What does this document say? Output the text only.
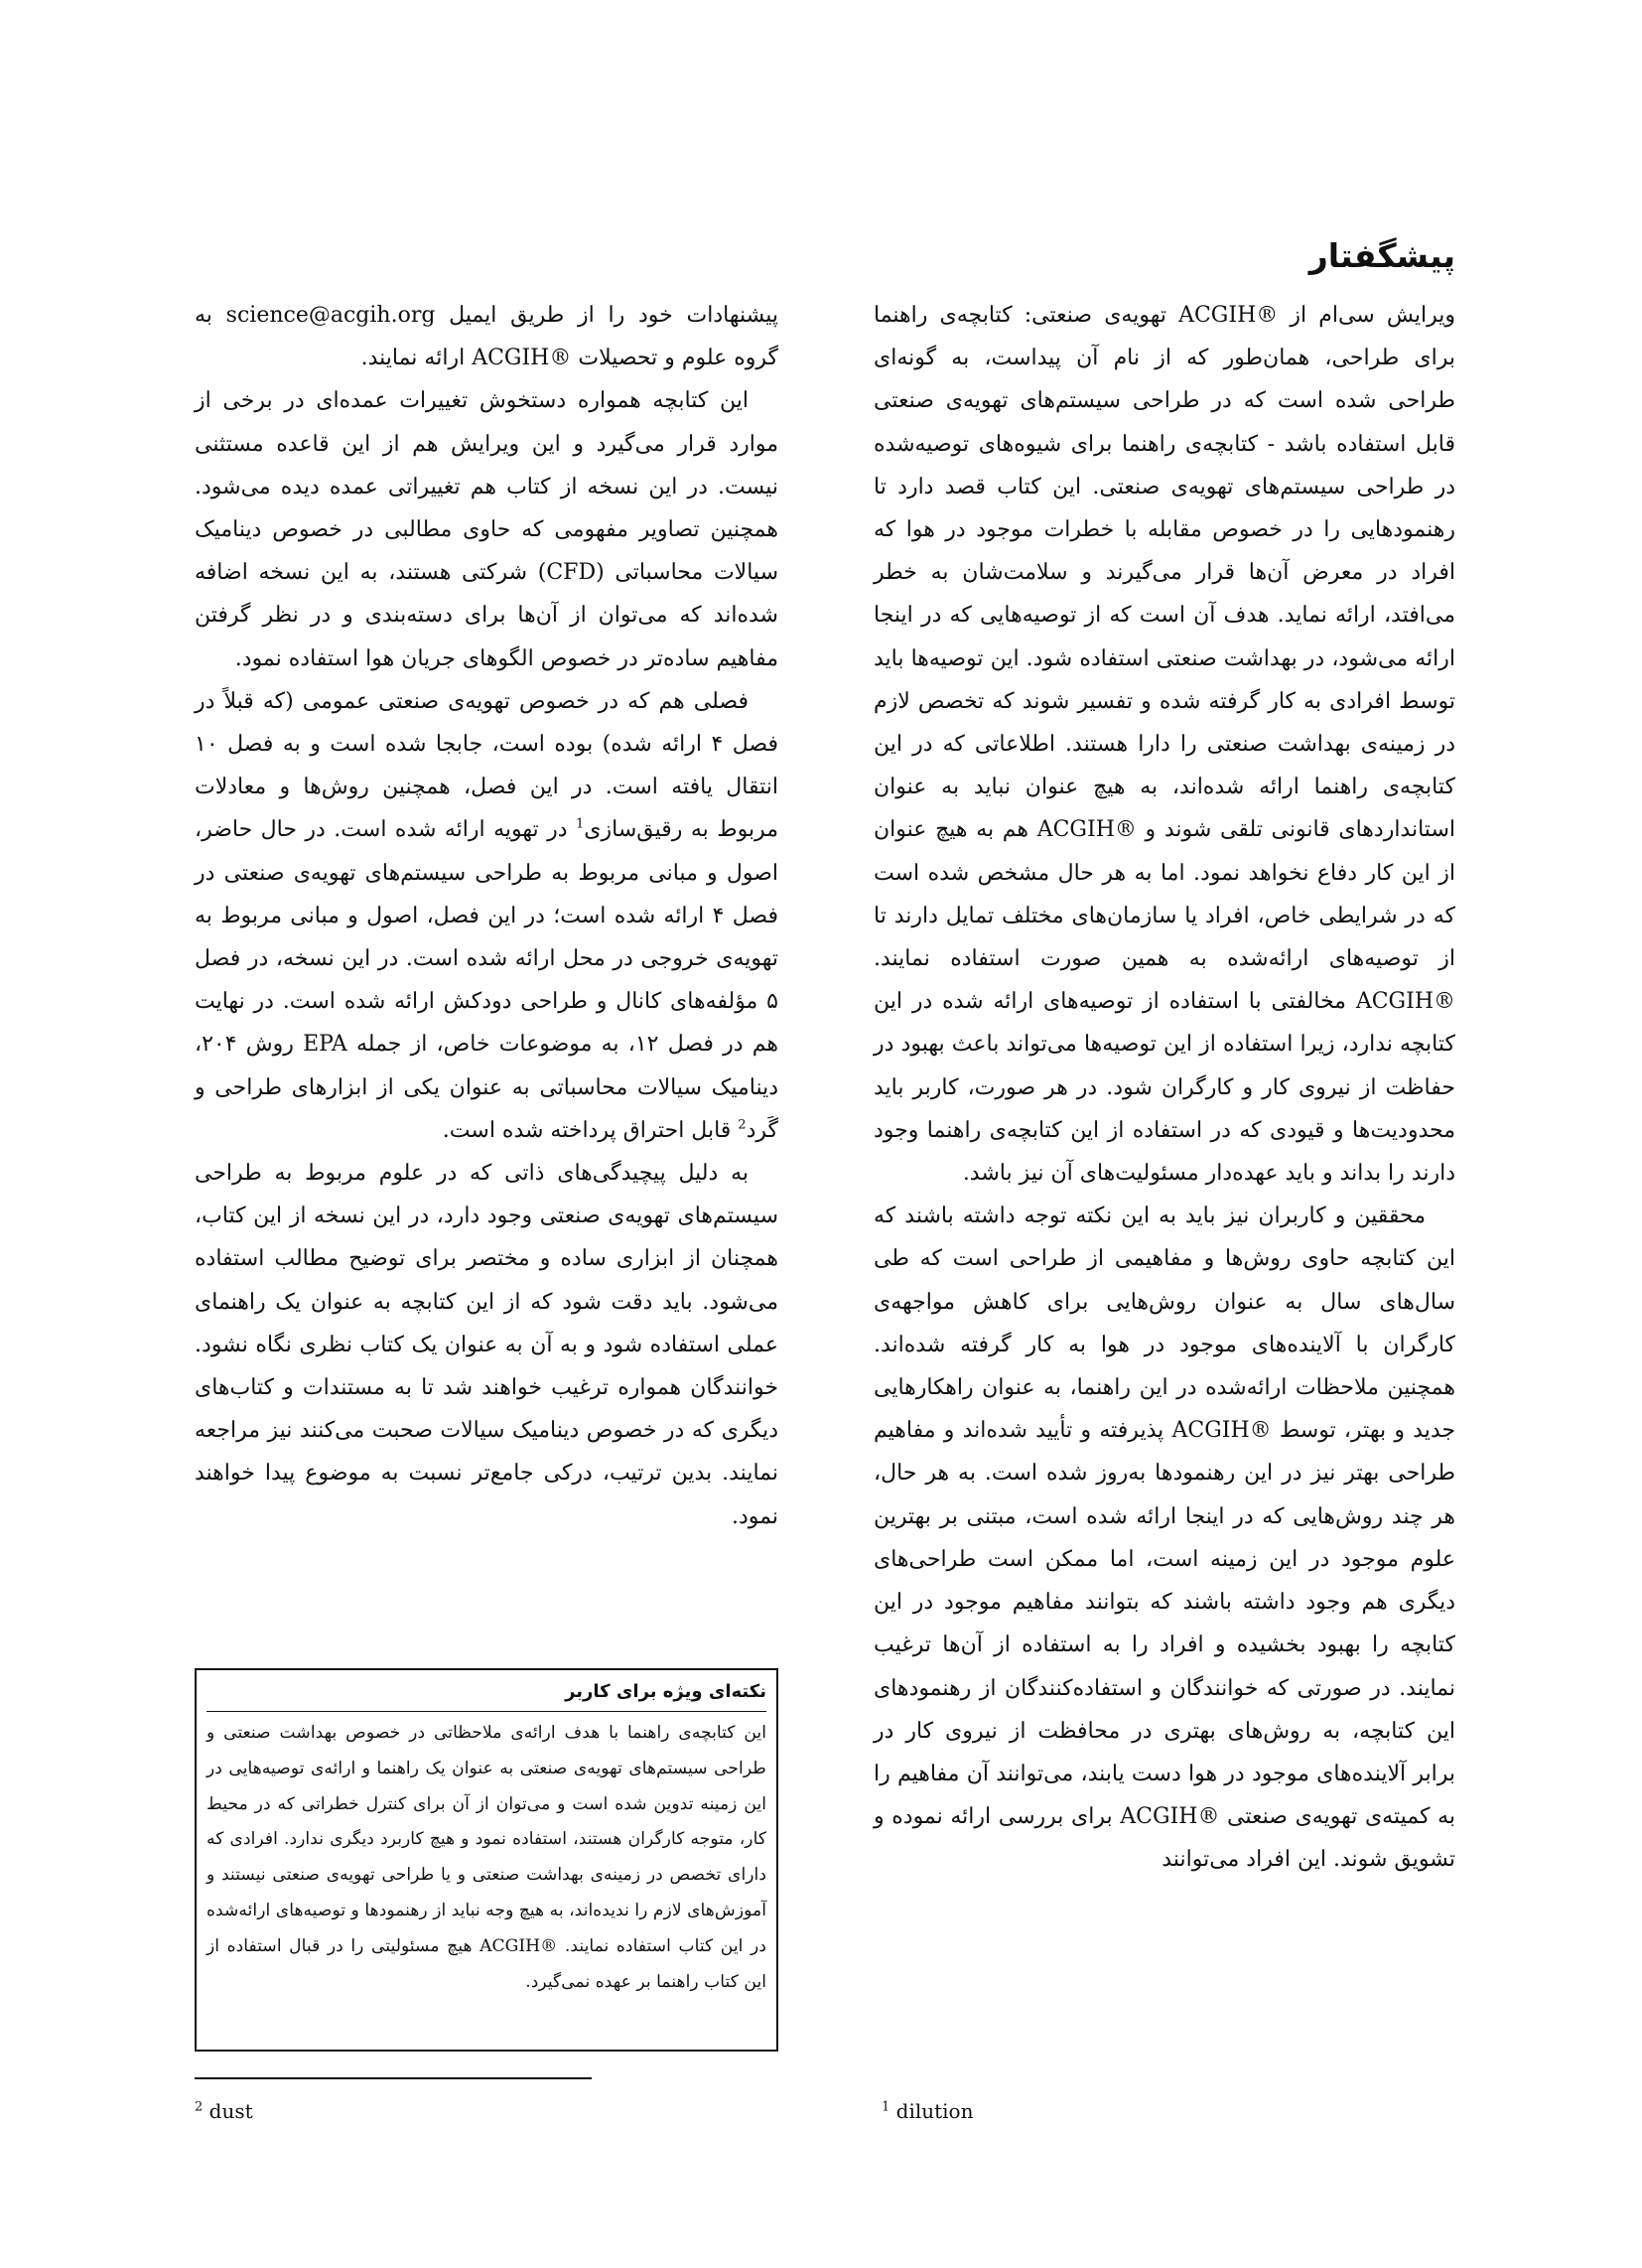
پیشگفتار

ویرایش سی‌ام از ®ACGIH تهویه‌ی صنعتی: کتابچه‌ی راهنما برای طراحی، همان‌طور که از نام آن پیداست، به گونه‌ای طراحی شده است که در طراحی سیستم‌های تهویه‌ی صنعتی قابل استفاده باشد - کتابچه‌ی راهنما برای شیوه‌های توصیه‌شده در طراحی سیستم‌های تهویه‌ی صنعتی. این کتاب قصد دارد تا رهنمودهایی را در خصوص مقابله با خطرات موجود در هوا که افراد در معرض آن‌ها قرار می‌گیرند و سلامت‌شان به خطر می‌افتد، ارائه نماید. هدف آن است که از توصیه‌هایی که در اینجا ارائه می‌شود، در بهداشت صنعتی استفاده شود. این توصیه‌ها باید توسط افرادی به کار گرفته شده و تفسیر شوند که تخصص لازم در زمینه‌ی بهداشت صنعتی را دارا هستند. اطلاعاتی که در این کتابچه‌ی راهنما ارائه شده‌اند، به هیچ عنوان نباید به عنوان استانداردهای قانونی تلقی شوند و ®ACGIH هم به هیچ عنوان از این کار دفاع نخواهد نمود. اما به هر حال مشخص شده است که در شرایطی خاص، افراد یا سازمان‌های مختلف تمایل دارند تا از توصیه‌های ارائه‌شده به همین صورت استفاده نمایند. ®ACGIH مخالفتی با استفاده از توصیه‌های ارائه شده در این کتابچه ندارد، زیرا استفاده از این توصیه‌ها می‌تواند باعث بهبود در حفاظت از نیروی کار و کارگران شود. در هر صورت، کاربر باید محدودیت‌ها و قیودی که در استفاده از این کتابچه‌ی راهنما وجود دارند را بداند و باید عهده‌دار مسئولیت‌های آن نیز باشد.

محققین و کاربران نیز باید به این نکته توجه داشته باشند که این کتابچه حاوی روش‌ها و مفاهیمی از طراحی است که طی سال‌های سال به عنوان روش‌هایی برای کاهش مواجهه‌ی کارگران با آلاینده‌های موجود در هوا به کار گرفته شده‌اند. همچنین ملاحظات ارائه‌شده در این راهنما، به عنوان راهکارهایی جدید و بهتر، توسط ®ACGIH پذیرفته و تأیید شده‌اند و مفاهیم طراحی بهتر نیز در این رهنمودها به‌روز شده است. به هر حال، هر چند روش‌هایی که در اینجا ارائه شده است، مبتنی بر بهترین علوم موجود در این زمینه است، اما ممکن است طراحی‌های دیگری هم وجود داشته باشند که بتوانند مفاهیم موجود در این کتابچه را بهبود بخشیده و افراد را به استفاده از آن‌ها ترغیب نمایند. در صورتی که خوانندگان و استفاده‌کنندگان از رهنمودهای این کتابچه، به روش‌های بهتری در محافظت از نیروی کار در برابر آلاینده‌های موجود در هوا دست یابند، می‌توانند آن مفاهیم را به کمیته‌ی تهویه‌ی صنعتی ®ACGIH برای بررسی ارائه نموده و تشویق شوند. این افراد می‌توانند

پیشنهادات خود را از طریق ایمیل science@acgih.org به گروه علوم و تحصیلات ®ACGIH ارائه نمایند.

این کتابچه همواره دستخوش تغییرات عمده‌ای در برخی از موارد قرار می‌گیرد و این ویرایش هم از این قاعده مستثنی نیست. در این نسخه از کتاب هم تغییراتی عمده دیده می‌شود. همچنین تصاویر مفهومی که حاوی مطالبی در خصوص دینامیک سیالات محاسباتی (CFD) شرکتی هستند، به این نسخه اضافه شده‌اند که می‌توان از آن‌ها برای دسته‌بندی و در نظر گرفتن مفاهیم ساده‌تر در خصوص الگوهای جریان هوا استفاده نمود.

فصلی هم که در خصوص تهویه‌ی صنعتی عمومی (که قبلاً در فصل ۴ ارائه شده) بوده است، جابجا شده است و به فصل ۱۰ انتقال یافته است. در این فصل، همچنین روش‌ها و معادلات مربوط به رقیق‌سازی$^1$ در تهویه ارائه شده است. در حال حاضر، اصول و مبانی مربوط به طراحی سیستم‌های تهویه‌ی صنعتی در فصل ۴ ارائه شده است؛ در این فصل، اصول و مبانی مربوط به تهویه‌ی خروجی در محل ارائه شده است. در این نسخه، در فصل ۵ مؤلفه‌های کانال و طراحی دودکش ارائه شده است. در نهایت هم در فصل ۱۲، به موضوعات خاص، از جمله EPA روش ۲۰۴، دینامیک سیالات محاسباتی به عنوان یکی از ابزارهای طراحی و گَرد$^2$ قابل احتراق پرداخته شده است.

به دلیل پیچیدگی‌های ذاتی که در علوم مربوط به طراحی سیستم‌های تهویه‌ی صنعتی وجود دارد، در این نسخه از این کتاب، همچنان از ابزاری ساده و مختصر برای توضیح مطالب استفاده می‌شود. باید دقت شود که از این کتابچه به عنوان یک راهنمای عملی استفاده شود و به آن به عنوان یک کتاب نظری نگاه نشود. خوانندگان همواره ترغیب خواهند شد تا به مستندات و کتاب‌های دیگری که در خصوص دینامیک سیالات صحبت می‌کنند نیز مراجعه نمایند. بدین ترتیب، درکی جامع‌تر نسبت به موضوع پیدا خواهند نمود.

نکته‌ای ویژه برای کاربر

این کتابچه‌ی راهنما با هدف ارائه‌ی ملاحظاتی در خصوص بهداشت صنعتی و طراحی سیستم‌های تهویه‌ی صنعتی به عنوان یک راهنما و ارائه‌ی توصیه‌هایی در این زمینه تدوین شده است و می‌توان از آن برای کنترل خطراتی که در محیط کار، متوجه کارگران هستند، استفاده نمود و هیچ کاربرد دیگری ندارد. افرادی که دارای تخصص در زمینه‌ی بهداشت صنعتی و یا طراحی تهویه‌ی صنعتی نیستند و آموزش‌های لازم را ندیده‌اند، به هیچ وجه نباید از رهنمودها و توصیه‌های ارائه‌شده در این کتاب استفاده نمایند. ®ACGIH هیچ مسئولیتی را در قبال استفاده از این کتاب راهنما بر عهده نمی‌گیرد.

$^2$ dust	$^1$ dilution
